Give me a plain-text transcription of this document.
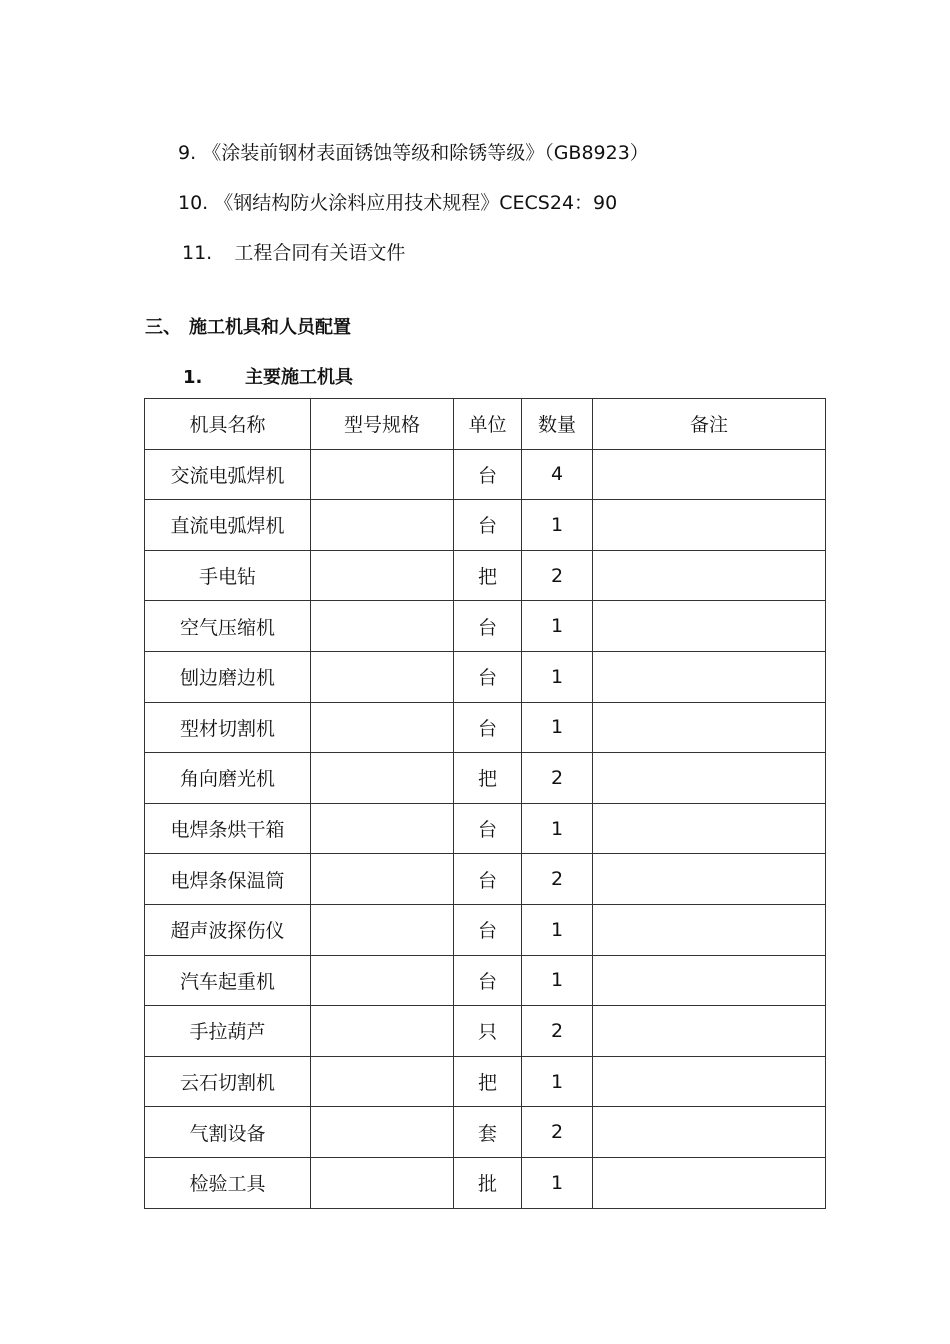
9. 《涂装前钢材表面锈蚀等级和除锈等级》（GB8923）
10. 《钢结构防火涂料应用技术规程》CECS24：90
11. 工程合同有关语文件
三、 施工机具和人员配置
1. 主要施工机具
机具名称	型号规格	单位	数量	备注
交流电弧焊机		台	4	
直流电弧焊机		台	1	
手电钻		把	2	
空气压缩机		台	1	
刨边磨边机		台	1	
型材切割机		台	1	
角向磨光机		把	2	
电焊条烘干箱		台	1	
电焊条保温筒		台	2	
超声波探伤仪		台	1	
汽车起重机		台	1	
手拉葫芦		只	2	
云石切割机		把	1	
气割设备		套	2	
检验工具		批	1	
